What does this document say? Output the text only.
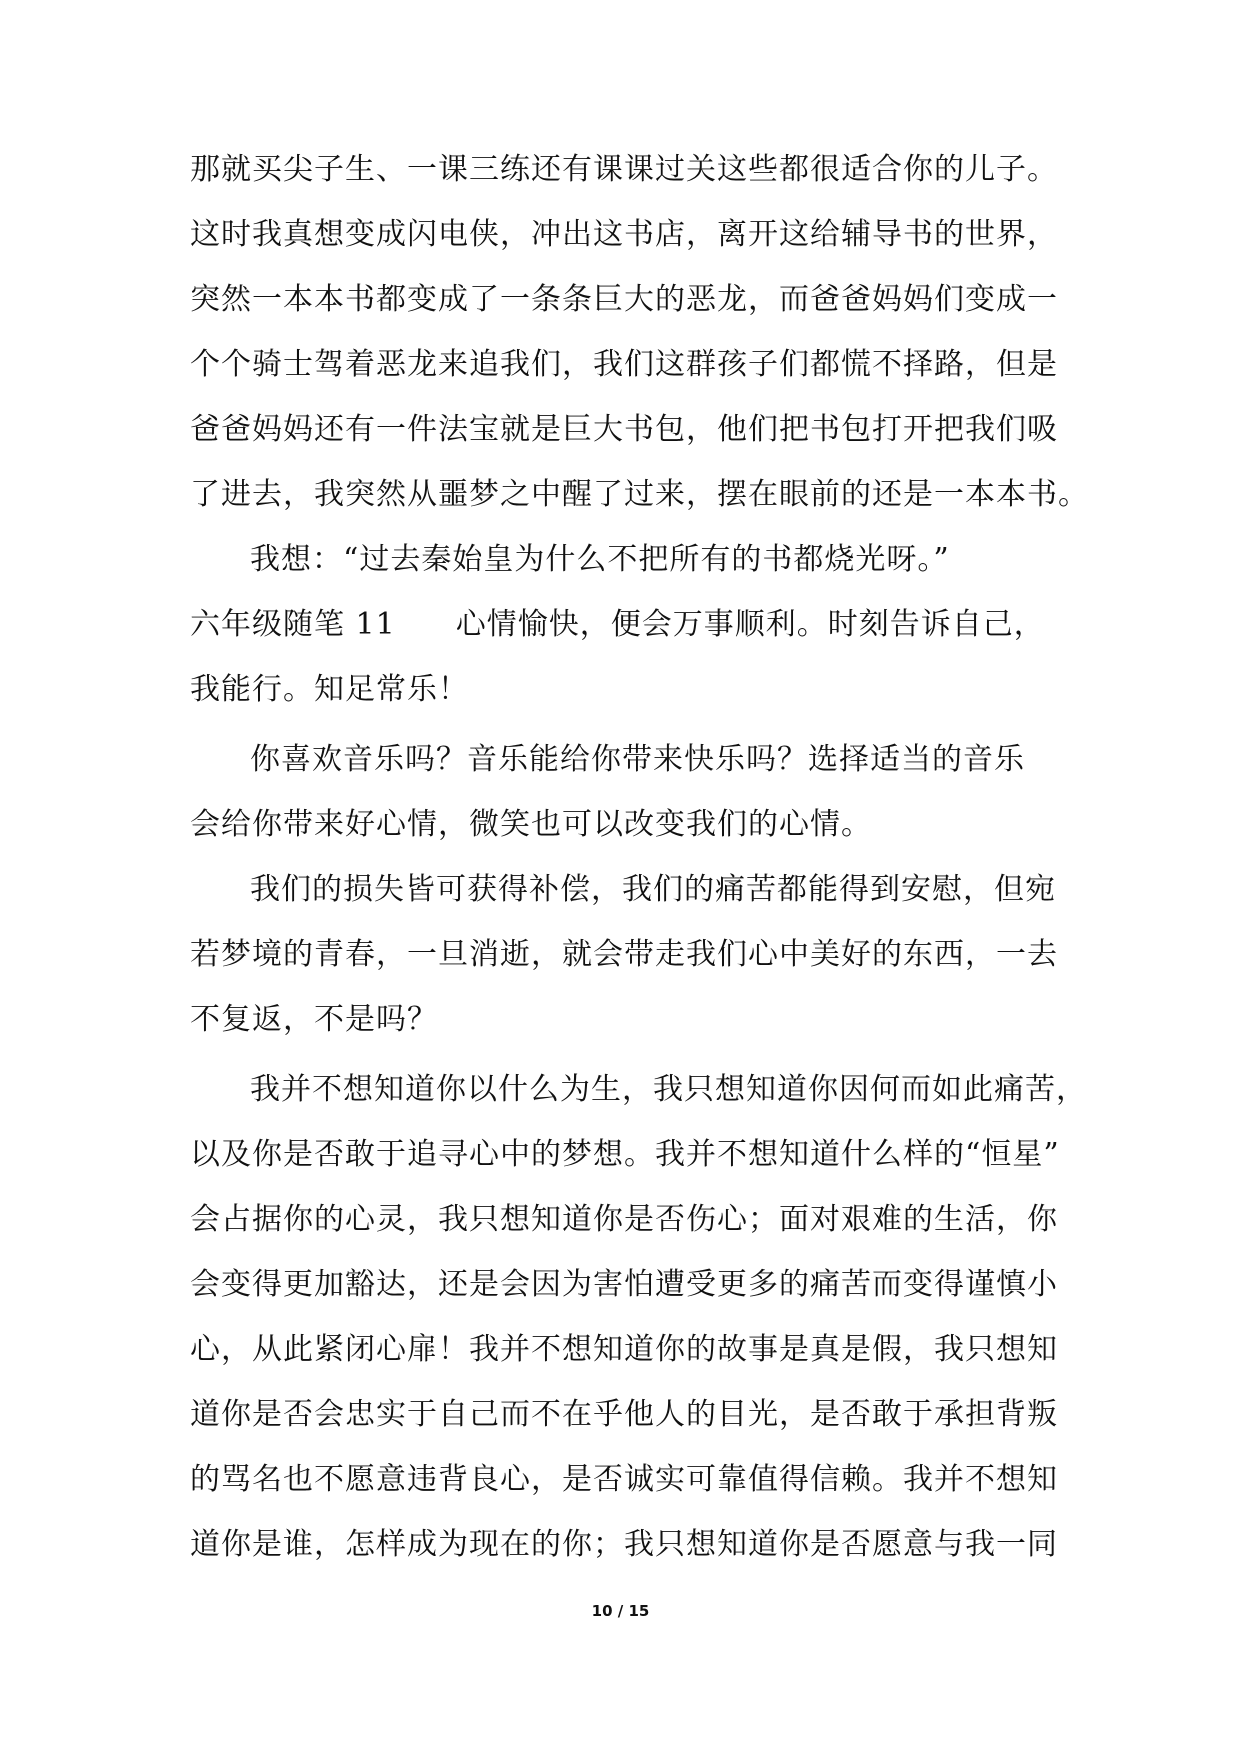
那就买尖子生、一课三练还有课课过关这些都很适合你的儿子。
这时我真想变成闪电侠，冲出这书店，离开这给辅导书的世界，
突然一本本书都变成了一条条巨大的恶龙，而爸爸妈妈们变成一
个个骑士驾着恶龙来追我们，我们这群孩子们都慌不择路，但是
爸爸妈妈还有一件法宝就是巨大书包，他们把书包打开把我们吸
了进去，我突然从噩梦之中醒了过来，摆在眼前的还是一本本书。
我想：“过去秦始皇为什么不把所有的书都烧光呀。”
六年级随笔 11 心情愉快，便会万事顺利。时刻告诉自己，
我能行。知足常乐！
你喜欢音乐吗？音乐能给你带来快乐吗？选择适当的音乐
会给你带来好心情，微笑也可以改变我们的心情。
我们的损失皆可获得补偿，我们的痛苦都能得到安慰，但宛
若梦境的青春，一旦消逝，就会带走我们心中美好的东西，一去
不复返，不是吗？
我并不想知道你以什么为生，我只想知道你因何而如此痛苦，
以及你是否敢于追寻心中的梦想。我并不想知道什么样的“恒星”
会占据你的心灵，我只想知道你是否伤心；面对艰难的生活，你
会变得更加豁达，还是会因为害怕遭受更多的痛苦而变得谨慎小
心，从此紧闭心扉！我并不想知道你的故事是真是假，我只想知
道你是否会忠实于自己而不在乎他人的目光，是否敢于承担背叛
的骂名也不愿意违背良心，是否诚实可靠值得信赖。我并不想知
道你是谁，怎样成为现在的你；我只想知道你是否愿意与我一同
10 / 15
